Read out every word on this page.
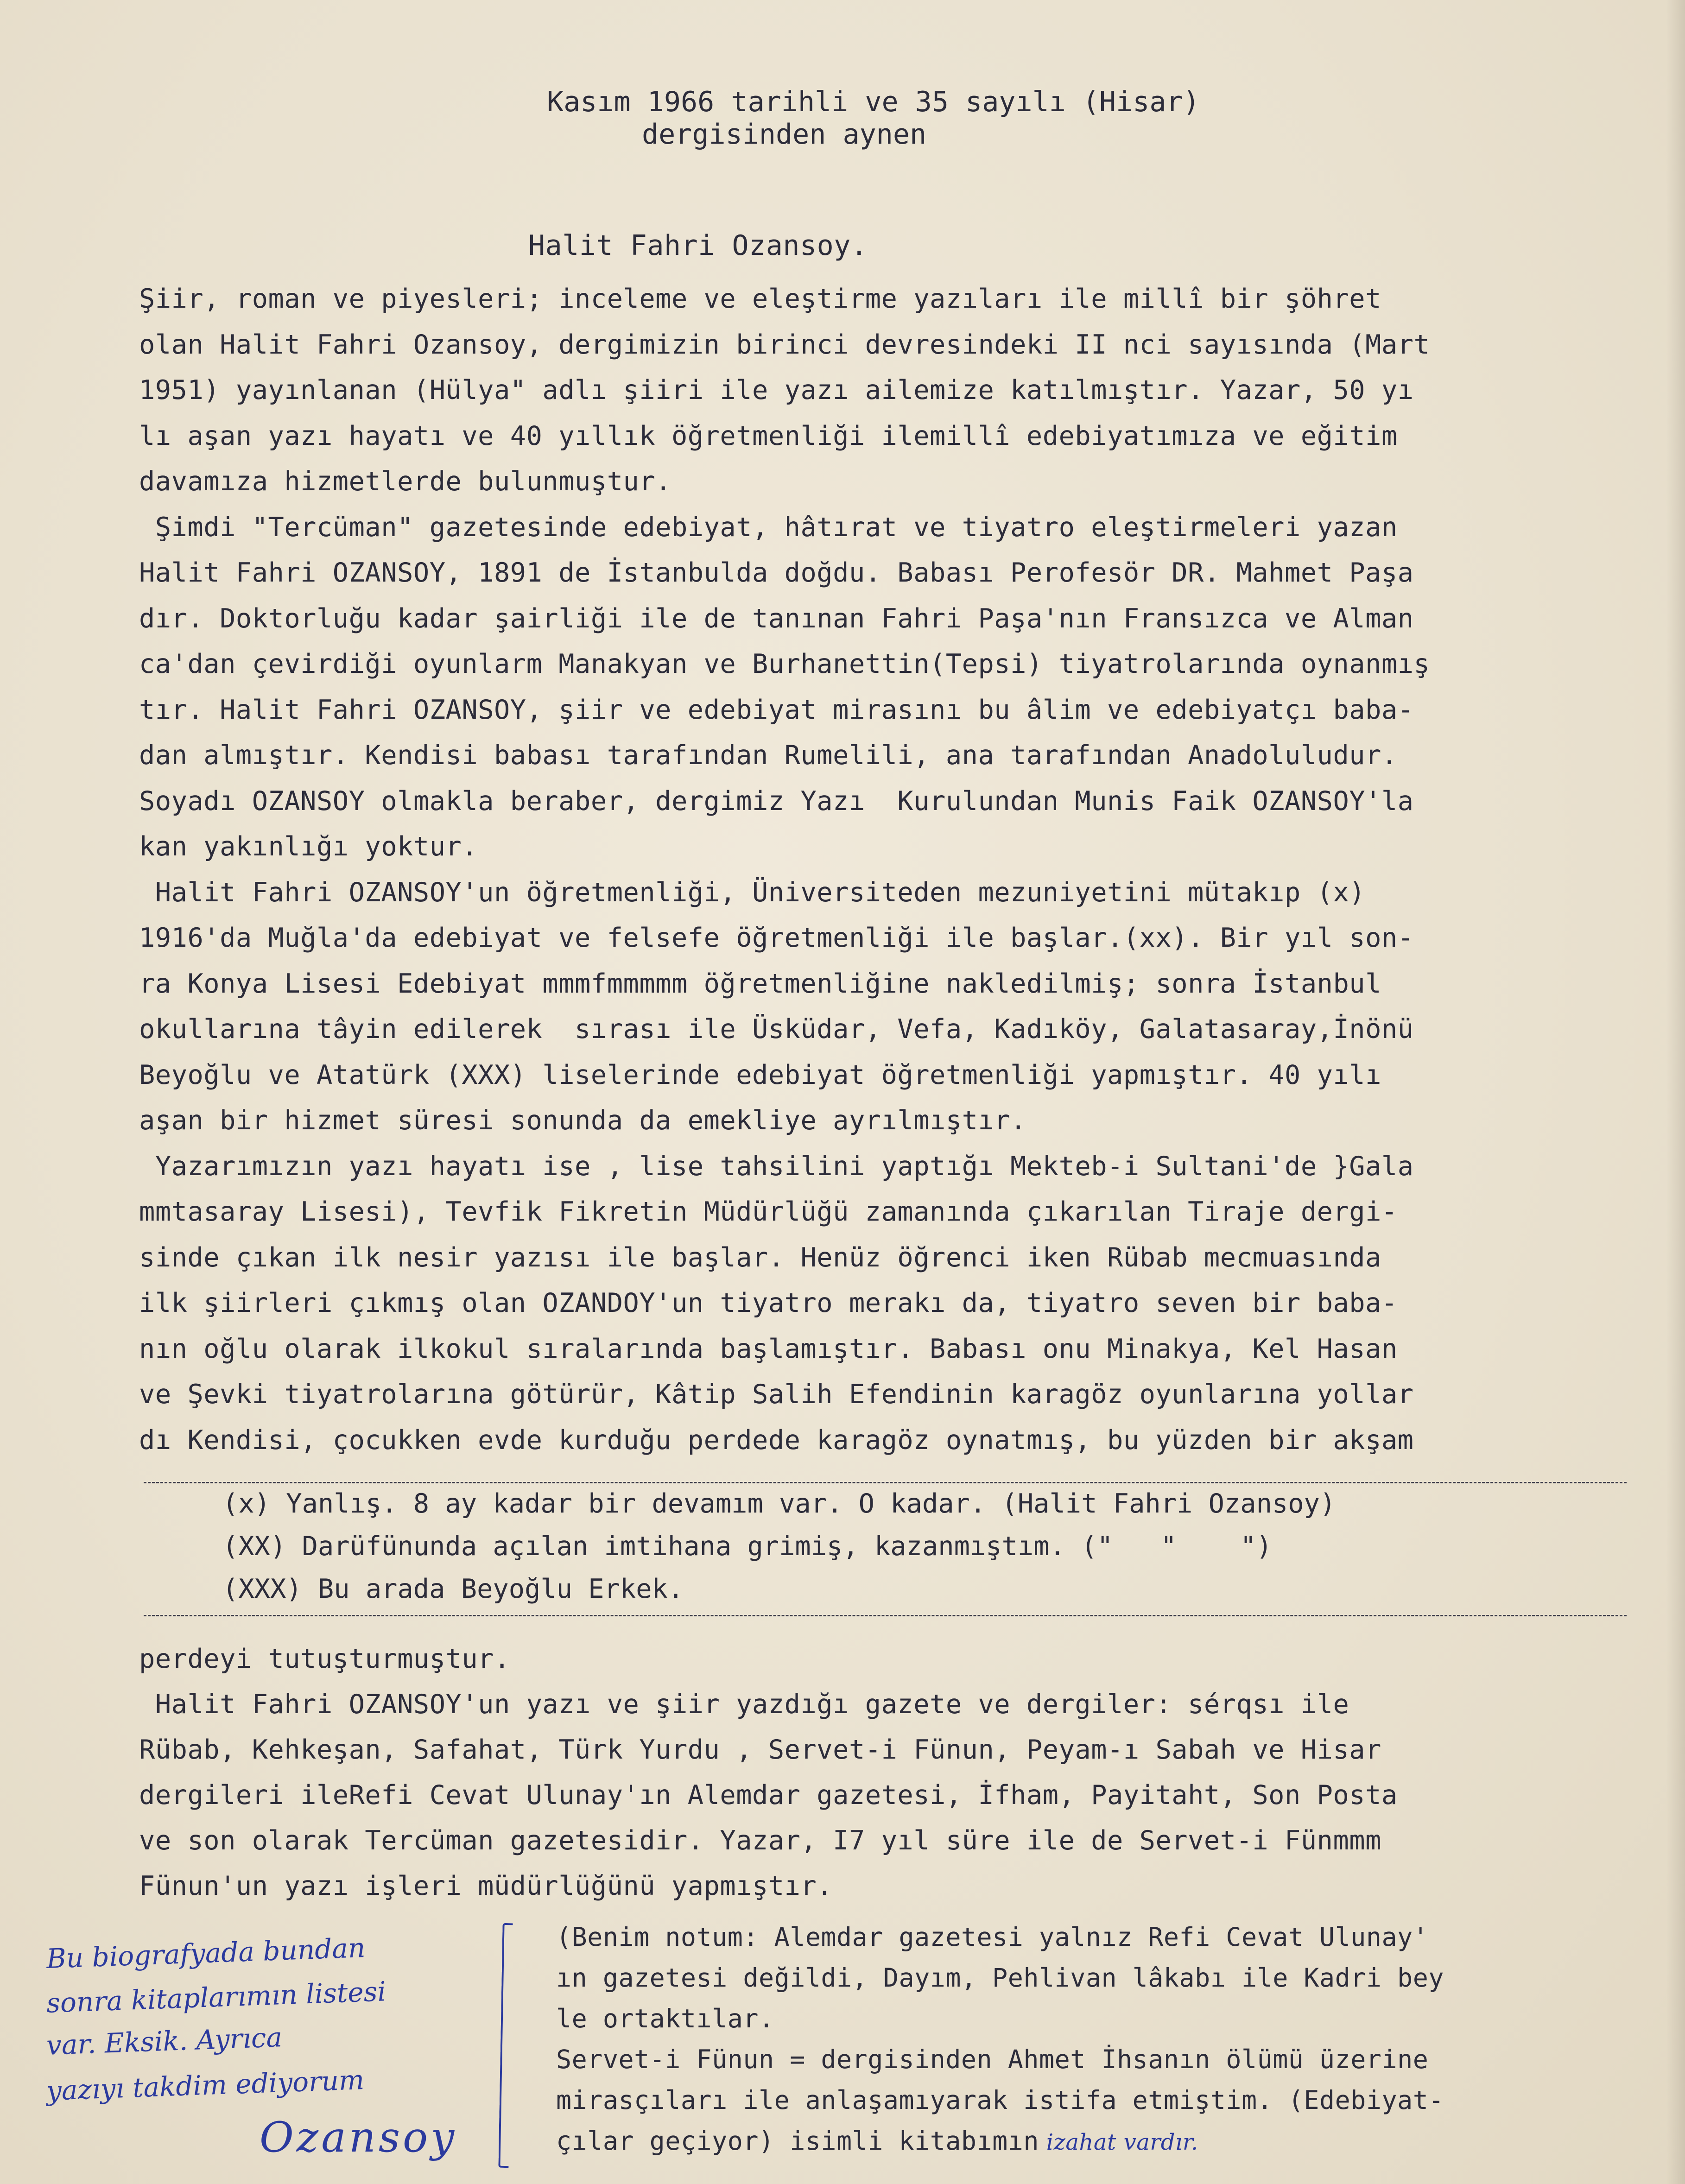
Kasım 1966 tarihli ve 35 sayılı (Hisar)
dergisinden aynen
Halit Fahri Ozansoy.
Şiir, roman ve piyesleri; inceleme ve eleştirme yazıları ile millî bir şöhret
olan Halit Fahri Ozansoy, dergimizin birinci devresindeki II nci sayısında (Mart
1951) yayınlanan (Hülya" adlı şiiri ile yazı ailemize katılmıştır. Yazar, 50 yı
lı aşan yazı hayatı ve 40 yıllık öğretmenliği ilemillî edebiyatımıza ve eğitim
davamıza hizmetlerde bulunmuştur.
Şimdi "Tercüman" gazetesinde edebiyat, hâtırat ve tiyatro eleştirmeleri yazan
Halit Fahri OZANSOY, 1891 de İstanbulda doğdu. Babası Perofesör DR. Mahmet Paşa
dır. Doktorluğu kadar şairliği ile de tanınan Fahri Paşa'nın Fransızca ve Alman
ca'dan çevirdiği oyunlarm Manakyan ve Burhanettin(Tepsi) tiyatrolarında oynanmış
tır. Halit Fahri OZANSOY, şiir ve edebiyat mirasını bu âlim ve edebiyatçı baba-
dan almıştır. Kendisi babası tarafından Rumelili, ana tarafından Anadoluludur.
Soyadı OZANSOY olmakla beraber, dergimiz Yazı  Kurulundan Munis Faik OZANSOY'la
kan yakınlığı yoktur.
Halit Fahri OZANSOY'un öğretmenliği, Üniversiteden mezuniyetini mütakıp (x)
1916'da Muğla'da edebiyat ve felsefe öğretmenliği ile başlar.(xx). Bir yıl son-
ra Konya Lisesi Edebiyat mmmfmmmmm öğretmenliğine nakledilmiş; sonra İstanbul
okullarına tâyin edilerek  sırası ile Üsküdar, Vefa, Kadıköy, Galatasaray,İnönü
Beyoğlu ve Atatürk (XXX) liselerinde edebiyat öğretmenliği yapmıştır. 40 yılı
aşan bir hizmet süresi sonunda da emekliye ayrılmıştır.
Yazarımızın yazı hayatı ise , lise tahsilini yaptığı Mekteb-i Sultani'de }Gala
mmtasaray Lisesi), Tevfik Fikretin Müdürlüğü zamanında çıkarılan Tiraje dergi-
sinde çıkan ilk nesir yazısı ile başlar. Henüz öğrenci iken Rübab mecmuasında
ilk şiirleri çıkmış olan OZANDOY'un tiyatro merakı da, tiyatro seven bir baba-
nın oğlu olarak ilkokul sıralarında başlamıştır. Babası onu Minakya, Kel Hasan
ve Şevki tiyatrolarına götürür, Kâtip Salih Efendinin karagöz oyunlarına yollar
dı Kendisi, çocukken evde kurduğu perdede karagöz oynatmış, bu yüzden bir akşam
(x) Yanlış. 8 ay kadar bir devamım var. O kadar. (Halit Fahri Ozansoy)
(XX) Darüfünunda açılan imtihana grimiş, kazanmıştım. ("   "    ")
(XXX) Bu arada Beyoğlu Erkek.
perdeyi tutuşturmuştur.
Halit Fahri OZANSOY'un yazı ve şiir yazdığı gazete ve dergiler: sérqsı ile
Rübab, Kehkeşan, Safahat, Türk Yurdu , Servet-i Fünun, Peyam-ı Sabah ve Hisar
dergileri ileRefi Cevat Ulunay'ın Alemdar gazetesi, İfham, Payitaht, Son Posta
ve son olarak Tercüman gazetesidir. Yazar, I7 yıl süre ile de Servet-i Fünmmm
Fünun'un yazı işleri müdürlüğünü yapmıştır.
(Benim notum: Alemdar gazetesi yalnız Refi Cevat Ulunay'
ın gazetesi değildi, Dayım, Pehlivan lâkabı ile Kadri bey
le ortaktılar.
Servet-i Fünun = dergisinden Ahmet İhsanın ölümü üzerine
mirasçıları ile anlaşamıyarak istifa etmiştim. (Edebiyat-
çılar geçiyor) isimli kitabımın izahat vardır.
Bu biografyada bundan
sonra kitaplarımın listesi
var. Eksik. Ayrıca
yazıyı takdim ediyorum
Ozansoy
